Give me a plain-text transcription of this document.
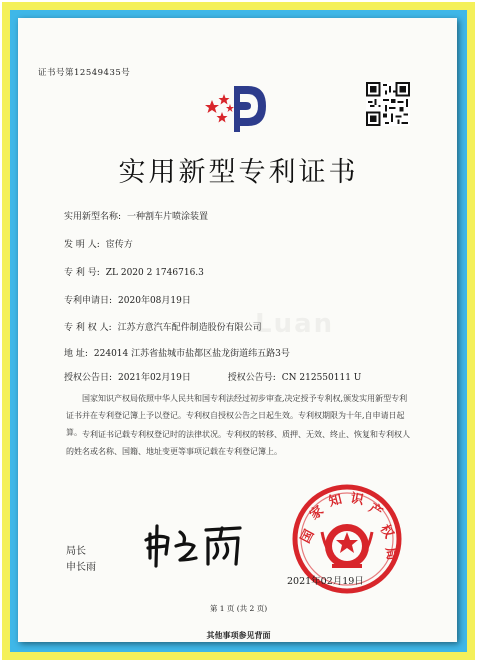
证书号第12549435号
实用新型专利证书
实用新型名称: 一种割车片喷涂装置
发 明 人: 宦传方
专 利 号: ZL 2020 2 1746716.3
专利申请日: 2020年08月19日
专 利 权 人: 江苏方意汽车配件制造股份有限公司
地 址: 224014 江苏省盐城市盐都区盐龙街道纬五路3号
授权公告日: 2021年02月19日	授权公告号: CN 212550111 U
Luan
国家知识产权局依照中华人民共和国专利法经过初步审查,决定授予专利权,颁发实用新型专利证书并在专利登记簿上予以登记。专利权自授权公告之日起生效。专利权期限为十年,自申请日起算。 专利证书记载专利权登记时的法律状况。专利权的转移、质押、无效、终止、恢复和专利权人的姓名或名称、国籍、地址变更等事项记载在专利登记簿上。
局长
申长雨
国
家
知 识
产
权
局
2021年02月19日
第 1 页 (共 2 页)
其他事项参见背面
